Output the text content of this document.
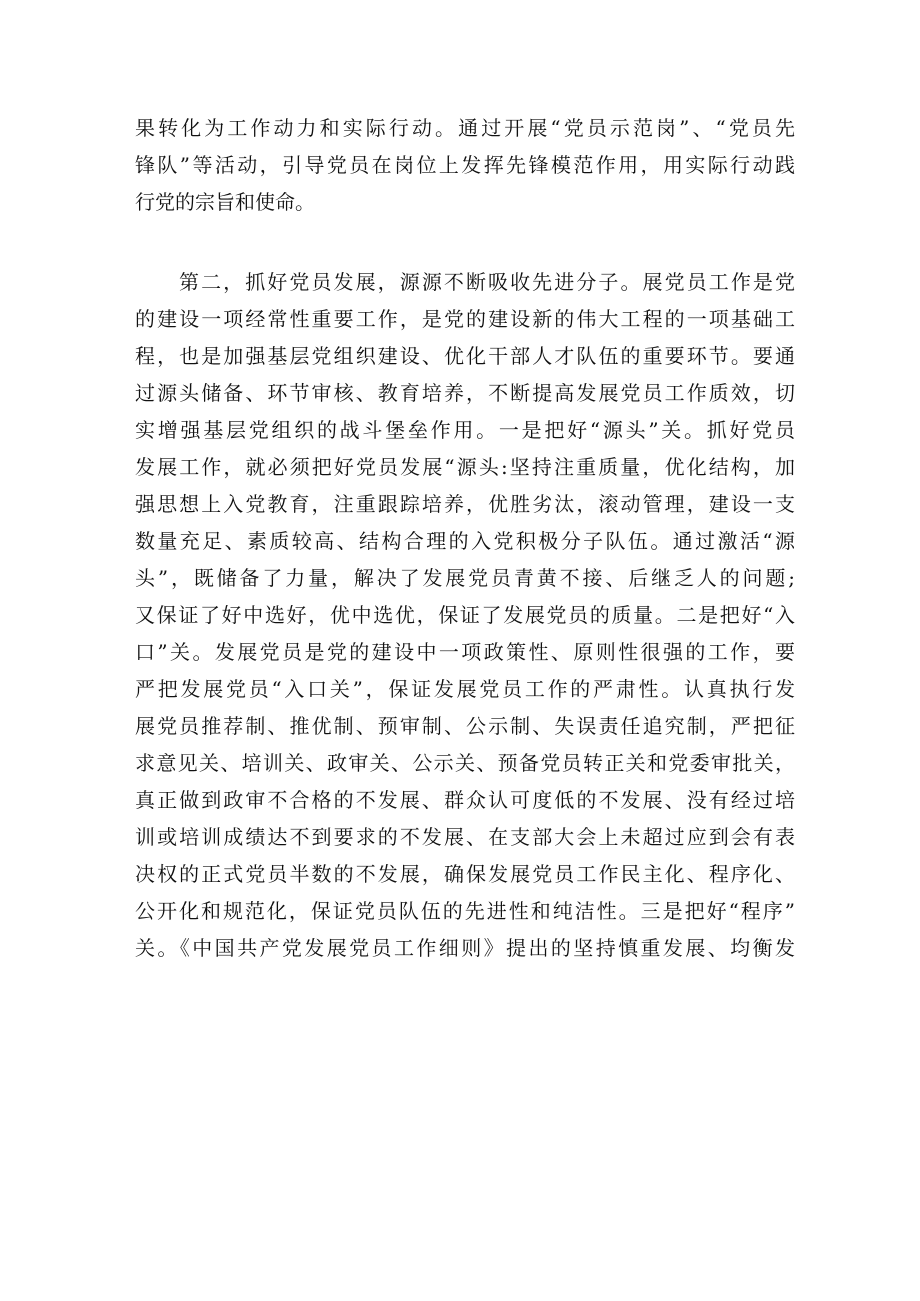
果转化为工作动力和实际行动。通过开展“党员示范岗”、“党员先
锋队”等活动，引导党员在岗位上发挥先锋模范作用，用实际行动践
行党的宗旨和使命。
第二，抓好党员发展，源源不断吸收先进分子。展党员工作是党
的建设一项经常性重要工作，是党的建设新的伟大工程的一项基础工
程，也是加强基层党组织建设、优化干部人才队伍的重要环节。要通
过源头储备、环节审核、教育培养，不断提高发展党员工作质效，切
实增强基层党组织的战斗堡垒作用。一是把好“源头”关。抓好党员
发展工作，就必须把好党员发展“源头:坚持注重质量，优化结构，加
强思想上入党教育，注重跟踪培养，优胜劣汰，滚动管理，建设一支
数量充足、素质较高、结构合理的入党积极分子队伍。通过激活“源
头”，既储备了力量，解决了发展党员青黄不接、后继乏人的问题;
又保证了好中选好，优中选优，保证了发展党员的质量。二是把好“入
口”关。发展党员是党的建设中一项政策性、原则性很强的工作，要
严把发展党员“入口关”，保证发展党员工作的严肃性。认真执行发
展党员推荐制、推优制、预审制、公示制、失误责任追究制，严把征
求意见关、培训关、政审关、公示关、预备党员转正关和党委审批关，
真正做到政审不合格的不发展、群众认可度低的不发展、没有经过培
训或培训成绩达不到要求的不发展、在支部大会上未超过应到会有表
决权的正式党员半数的不发展，确保发展党员工作民主化、程序化、
公开化和规范化，保证党员队伍的先进性和纯洁性。三是把好“程序”
关。《中国共产党发展党员工作细则》提出的坚持慎重发展、均衡发
